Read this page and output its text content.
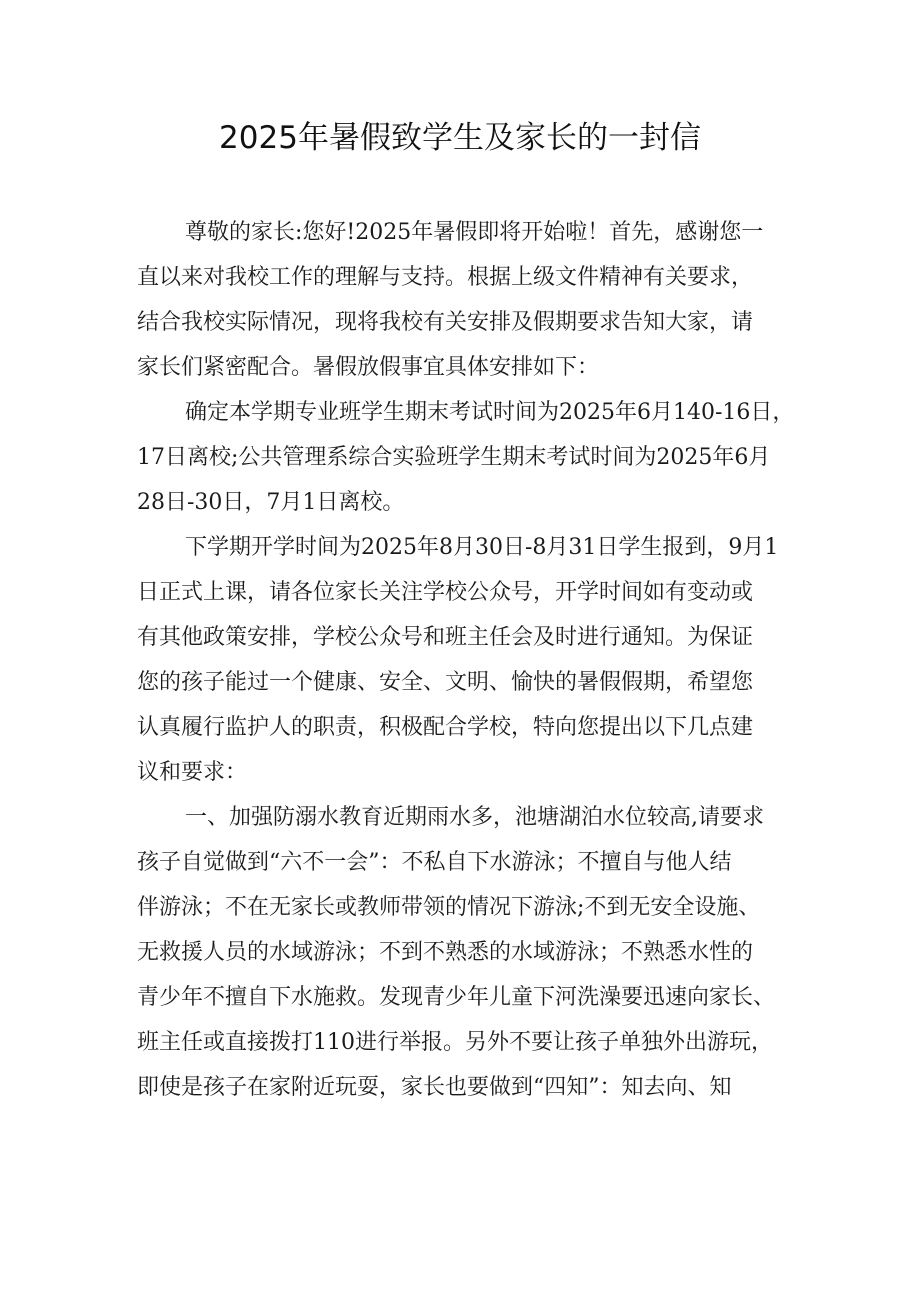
2025年暑假致学生及家长的一封信

尊敬的家长:您好!2025年暑假即将开始啦！首先，感谢您一
直以来对我校工作的理解与支持。根据上级文件精神有关要求，
结合我校实际情况，现将我校有关安排及假期要求告知大家，请
家长们紧密配合。暑假放假事宜具体安排如下：

确定本学期专业班学生期末考试时间为2025年6月140-16日，
17日离校;公共管理系综合实验班学生期末考试时间为2025年6月
28日-30日，7月1日离校。

下学期开学时间为2025年8月30日-8月31日学生报到，9月1
日正式上课，请各位家长关注学校公众号，开学时间如有变动或
有其他政策安排，学校公众号和班主任会及时进行通知。为保证
您的孩子能过一个健康、安全、文明、愉快的暑假假期，希望您
认真履行监护人的职责，积极配合学校，特向您提出以下几点建
议和要求：

一、加强防溺水教育近期雨水多，池塘湖泊水位较高,请要求
孩子自觉做到“六不一会”：不私自下水游泳；不擅自与他人结
伴游泳；不在无家长或教师带领的情况下游泳;不到无安全设施、
无救援人员的水域游泳；不到不熟悉的水域游泳；不熟悉水性的
青少年不擅自下水施救。发现青少年儿童下河洗澡要迅速向家长、
班主任或直接拨打110进行举报。另外不要让孩子单独外出游玩，
即使是孩子在家附近玩耍，家长也要做到“四知”：知去向、知
